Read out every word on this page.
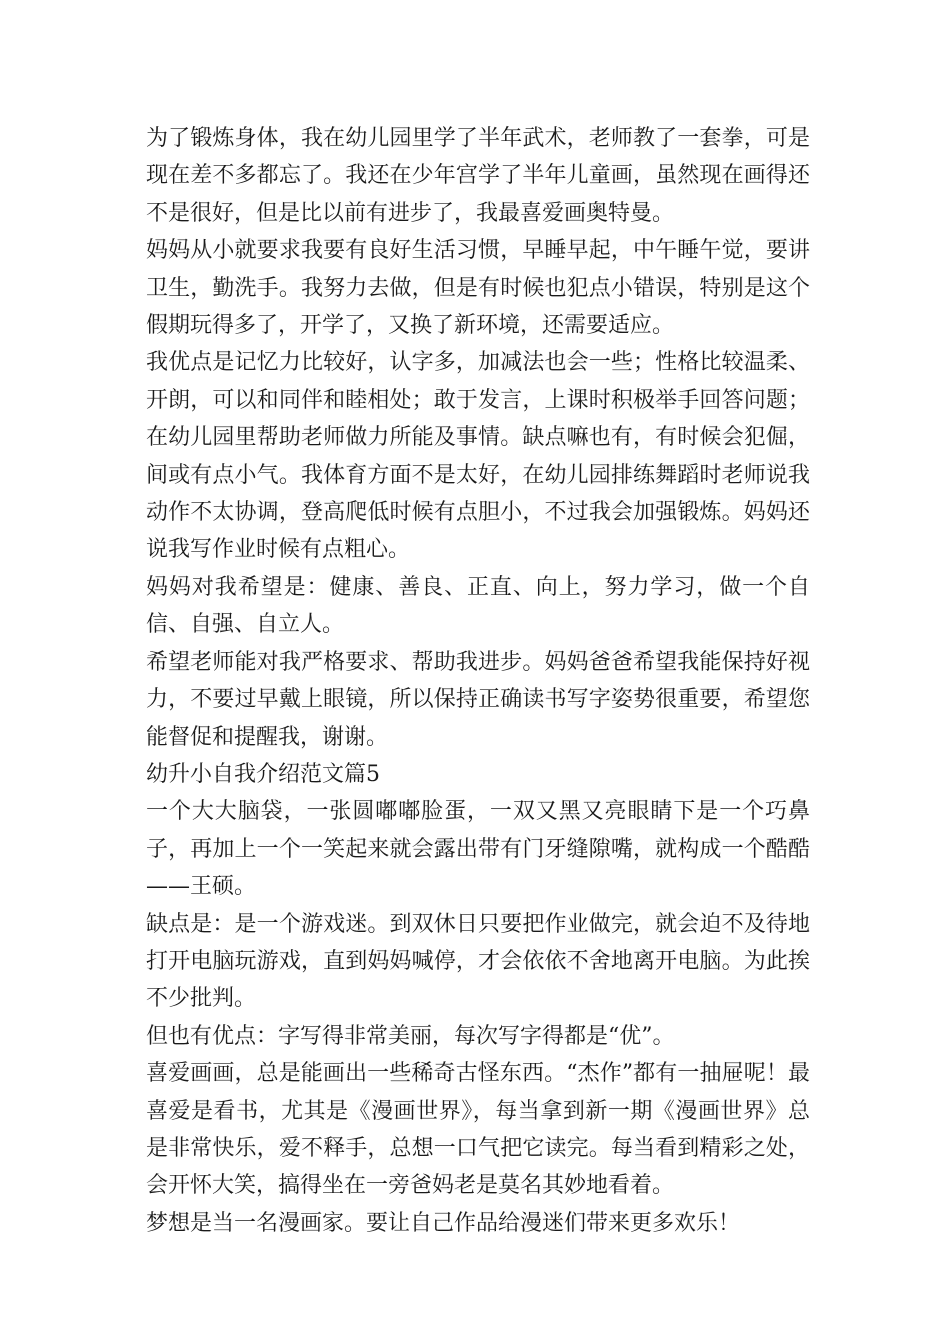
为了锻炼身体，我在幼儿园里学了半年武术，老师教了一套拳，可是现在差不多都忘了。我还在少年宫学了半年儿童画，虽然现在画得还不是很好，但是比以前有进步了，我最喜爱画奥特曼。

妈妈从小就要求我要有良好生活习惯，早睡早起，中午睡午觉，要讲卫生，勤洗手。我努力去做，但是有时候也犯点小错误，特别是这个假期玩得多了，开学了，又换了新环境，还需要适应。

我优点是记忆力比较好，认字多，加减法也会一些；性格比较温柔、开朗，可以和同伴和睦相处；敢于发言，上课时积极举手回答问题；在幼儿园里帮助老师做力所能及事情。缺点嘛也有，有时候会犯倔，间或有点小气。我体育方面不是太好，在幼儿园排练舞蹈时老师说我动作不太协调，登高爬低时候有点胆小，不过我会加强锻炼。妈妈还说我写作业时候有点粗心。

妈妈对我希望是：健康、善良、正直、向上，努力学习，做一个自信、自强、自立人。

希望老师能对我严格要求、帮助我进步。妈妈爸爸希望我能保持好视力，不要过早戴上眼镜，所以保持正确读书写字姿势很重要，希望您能督促和提醒我，谢谢。

幼升小自我介绍范文篇5

一个大大脑袋，一张圆嘟嘟脸蛋，一双又黑又亮眼睛下是一个巧鼻子，再加上一个一笑起来就会露出带有门牙缝隙嘴，就构成一个酷酷——王硕。

缺点是：是一个游戏迷。到双休日只要把作业做完，就会迫不及待地打开电脑玩游戏，直到妈妈喊停，才会依依不舍地离开电脑。为此挨不少批判。

但也有优点：字写得非常美丽，每次写字得都是“优”。

喜爱画画，总是能画出一些稀奇古怪东西。“杰作”都有一抽屉呢！最喜爱是看书，尤其是《漫画世界》，每当拿到新一期《漫画世界》总是非常快乐，爱不释手，总想一口气把它读完。每当看到精彩之处，会开怀大笑，搞得坐在一旁爸妈老是莫名其妙地看着。

梦想是当一名漫画家。要让自己作品给漫迷们带来更多欢乐！
